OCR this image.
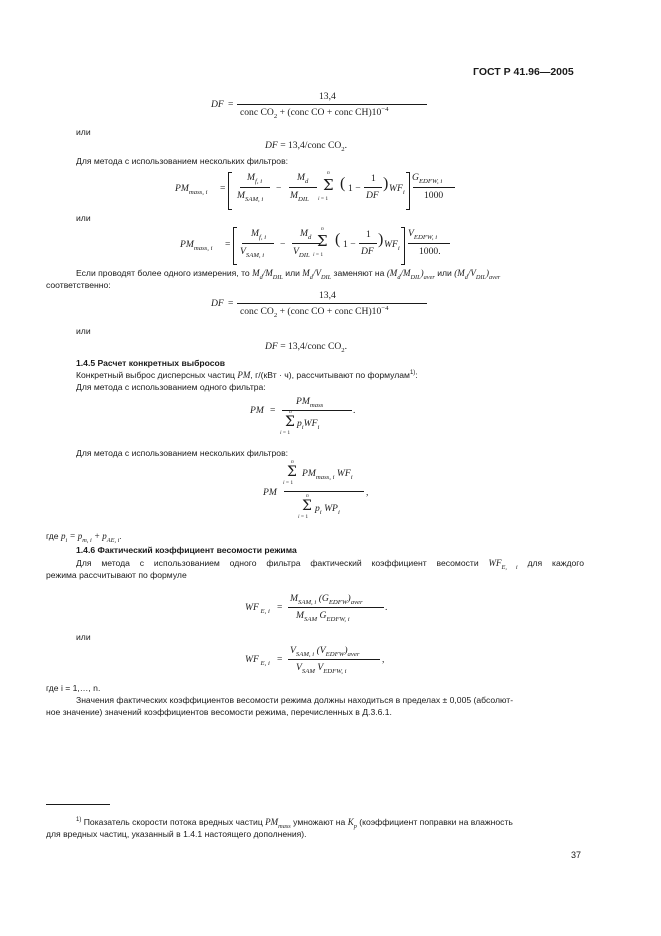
ГОСТ Р 41.96—2005
DF =
13,4
conc $CO_2$ + (conc CO + conc $CH)10^{-4}$
или
DF = 13,4/conc $CO_2$.
Для метода с использованием нескольких фильтров:
$PM_{mass, i}$ =
$M_{f, i}$
$M_{SAM, i}$
−
$M_d$
$M_{DIL}$
n
Σ
i = 1
( 1 −
1
DF
) $WF_i$
$G_{EDFW, i}$
1000
или
$PM_{mass, i}$ =
$M_{f, i}$
$V_{SAM, i}$
−
$M_d$
$V_{DIL}$
n
Σ
i = 1
( 1 −
1
DF
) $WF_i$
$V_{EDFW, i}$
1000.
Если проводят более одного измерения, то $M_d/M_{DIL}$ или $M_d/V_{DIL}$ заменяют на $(M_d/M_{DIL})_{aver}$ или $(M_d/V_{DIL})_{aver}$
соответственно:
DF =
13,4
conc $CO_2$ + (conc CO + conc $CH)10^{-4}$
или
DF = 13,4/conc $CO_2$.
1.4.5 Расчет конкретных выбросов
Конкретный выброс дисперсных частиц PM, г/(кВт · ч), рассчитывают по формулам$^{1)}$:
Для метода с использованием одного фильтра:
PM =
$PM_{mass}$	.
n
Σ
i = 1
$p_iWF_i$
Для метода с использованием нескольких фильтров:
n
Σ
i = 1
$PM_{mass, i}$ $WF_i$
PM	,
n
Σ
i = 1
$p_i$ $WP_i$
где $p_i = p_{m, i} + p_{AE, i}$.
1.4.6 Фактический коэффициент весомости режима
Для метода с использованием одного фильтра фактический коэффициент весомости $WF_{E, i}$ для каждого
режима рассчитывают по формуле
WF $_{E, i}$ =
$M_{SAM, i}$ $(G_{EDFW})_{aver}$ .
$M_{SAM}$ $G_{EDFW, i}$
или
WF $_{E, i}$ =
$V_{SAM, i}$ $(V_{EDFW})_{aver}$ ,
$V_{SAM}$ $V_{EDFW, i}$
где i = 1,…, n.
Значения фактических коэффициентов весомости режима должны находиться в пределах ± 0,005 (абсолют-
ное значение) значений коэффициентов весомости режима, перечисленных в Д.3.6.1.
$^{1)}$ Показатель скорости потока вредных частиц $PM_{mass}$ умножают на $K_p$ (коэффициент поправки на влажность
для вредных частиц, указанный в 1.4.1 настоящего дополнения).
37
